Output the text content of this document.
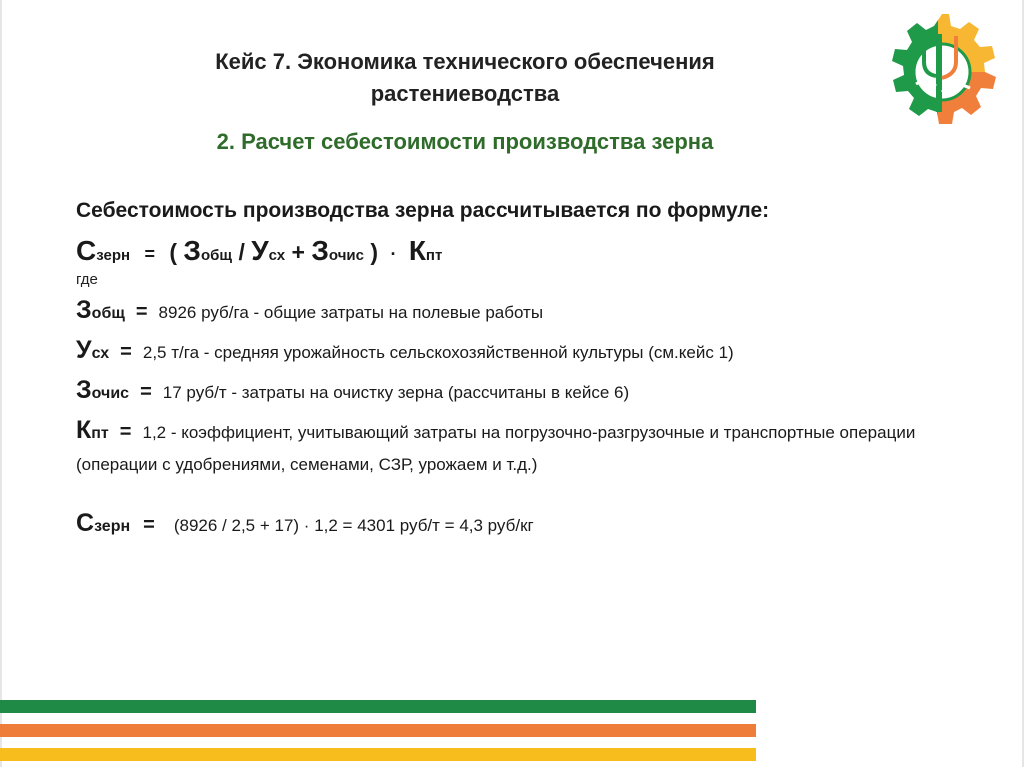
Кейс 7. Экономика технического обеспечения
растениеводства
2. Расчет себестоимости производства зерна
Себестоимость производства зерна рассчитывается по формуле:
Сзерн = ( Зобщ / Усх + Зочис ) · Кпт
где
Зобщ = 8926 руб/га - общие затраты на полевые работы
Усх = 2,5 т/га - средняя урожайность сельскохозяйственной культуры (см.кейс 1)
Зочис = 17 руб/т - затраты на очистку зерна (рассчитаны в кейсе 6)
Кпт = 1,2 - коэффициент, учитывающий затраты на погрузочно-разгрузочные и транспортные операции (операции с удобрениями, семенами, СЗР, урожаем и т.д.)
Сзерн = (8926 / 2,5 + 17) · 1,2 = 4301 руб/т = 4,3 руб/кг
